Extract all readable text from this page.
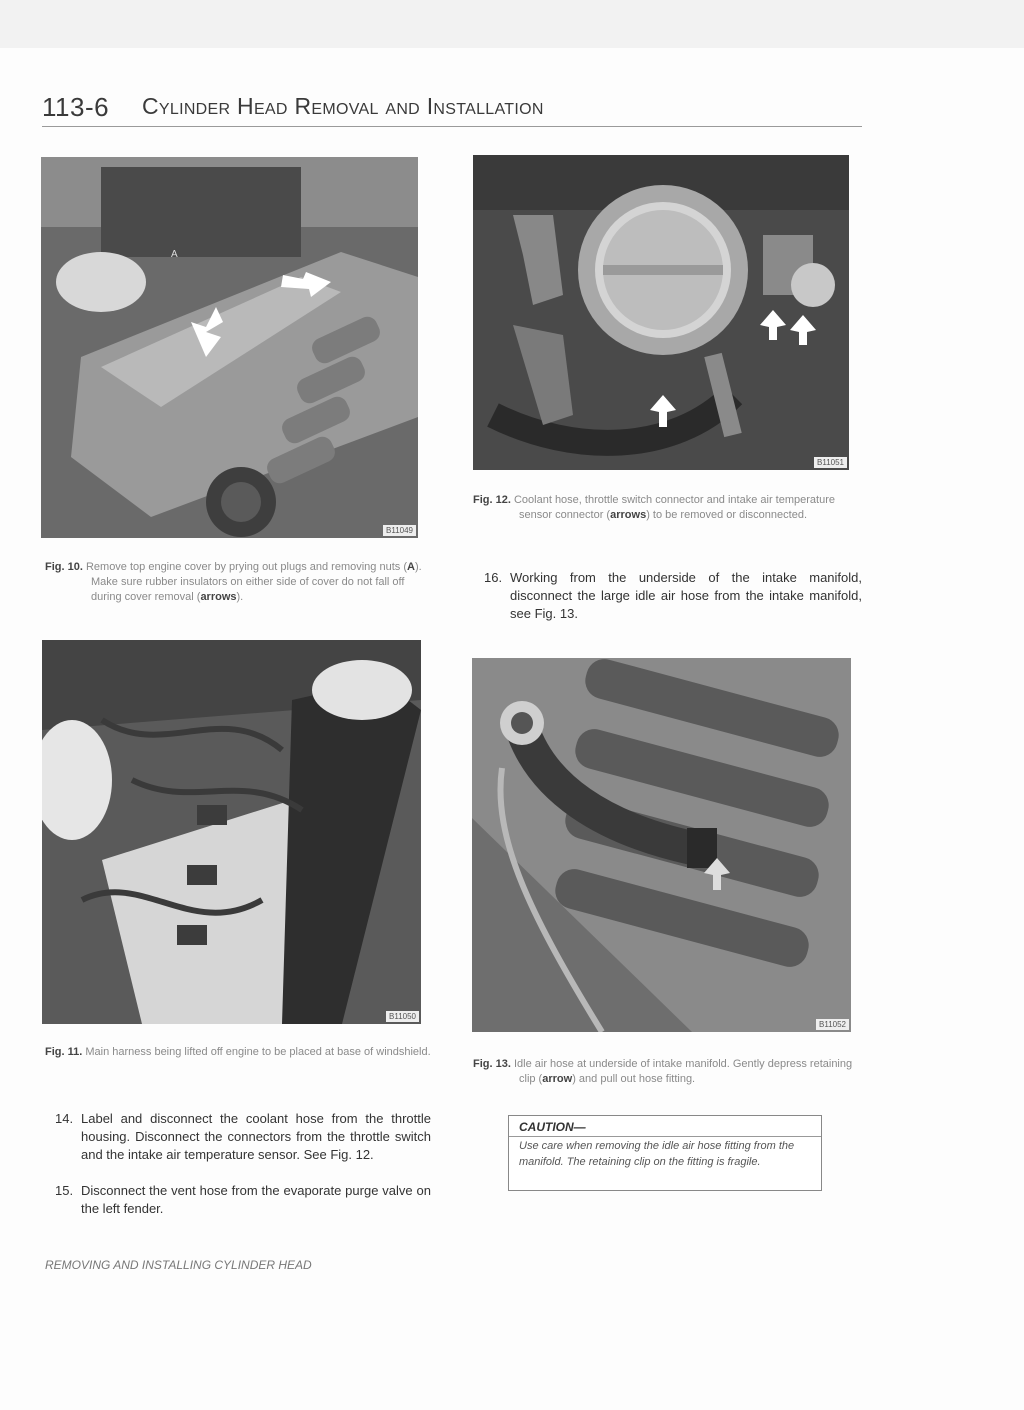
113-6 Cylinder Head Removal and Installation
A
B11049
Fig. 10. Remove top engine cover by prying out plugs and removing nuts (A). Make sure rubber insulators on either side of cover do not fall off during cover removal (arrows).
B11050
Fig. 11. Main harness being lifted off engine to be placed at base of windshield.
14. Label and disconnect the coolant hose from the throttle housing. Disconnect the connectors from the throttle switch and the intake air temperature sensor. See Fig. 12.
15. Disconnect the vent hose from the evaporate purge valve on the left fender.
B11051
Fig. 12. Coolant hose, throttle switch connector and intake air temperature sensor connector (arrows) to be removed or disconnected.
16. Working from the underside of the intake manifold, disconnect the large idle air hose from the intake manifold, see Fig. 13.
B11052
Fig. 13. Idle air hose at underside of intake manifold. Gently depress retaining clip (arrow) and pull out hose fitting.
CAUTION—
Use care when removing the idle air hose fitting from the manifold. The retaining clip on the fitting is fragile.
REMOVING AND INSTALLING CYLINDER HEAD
